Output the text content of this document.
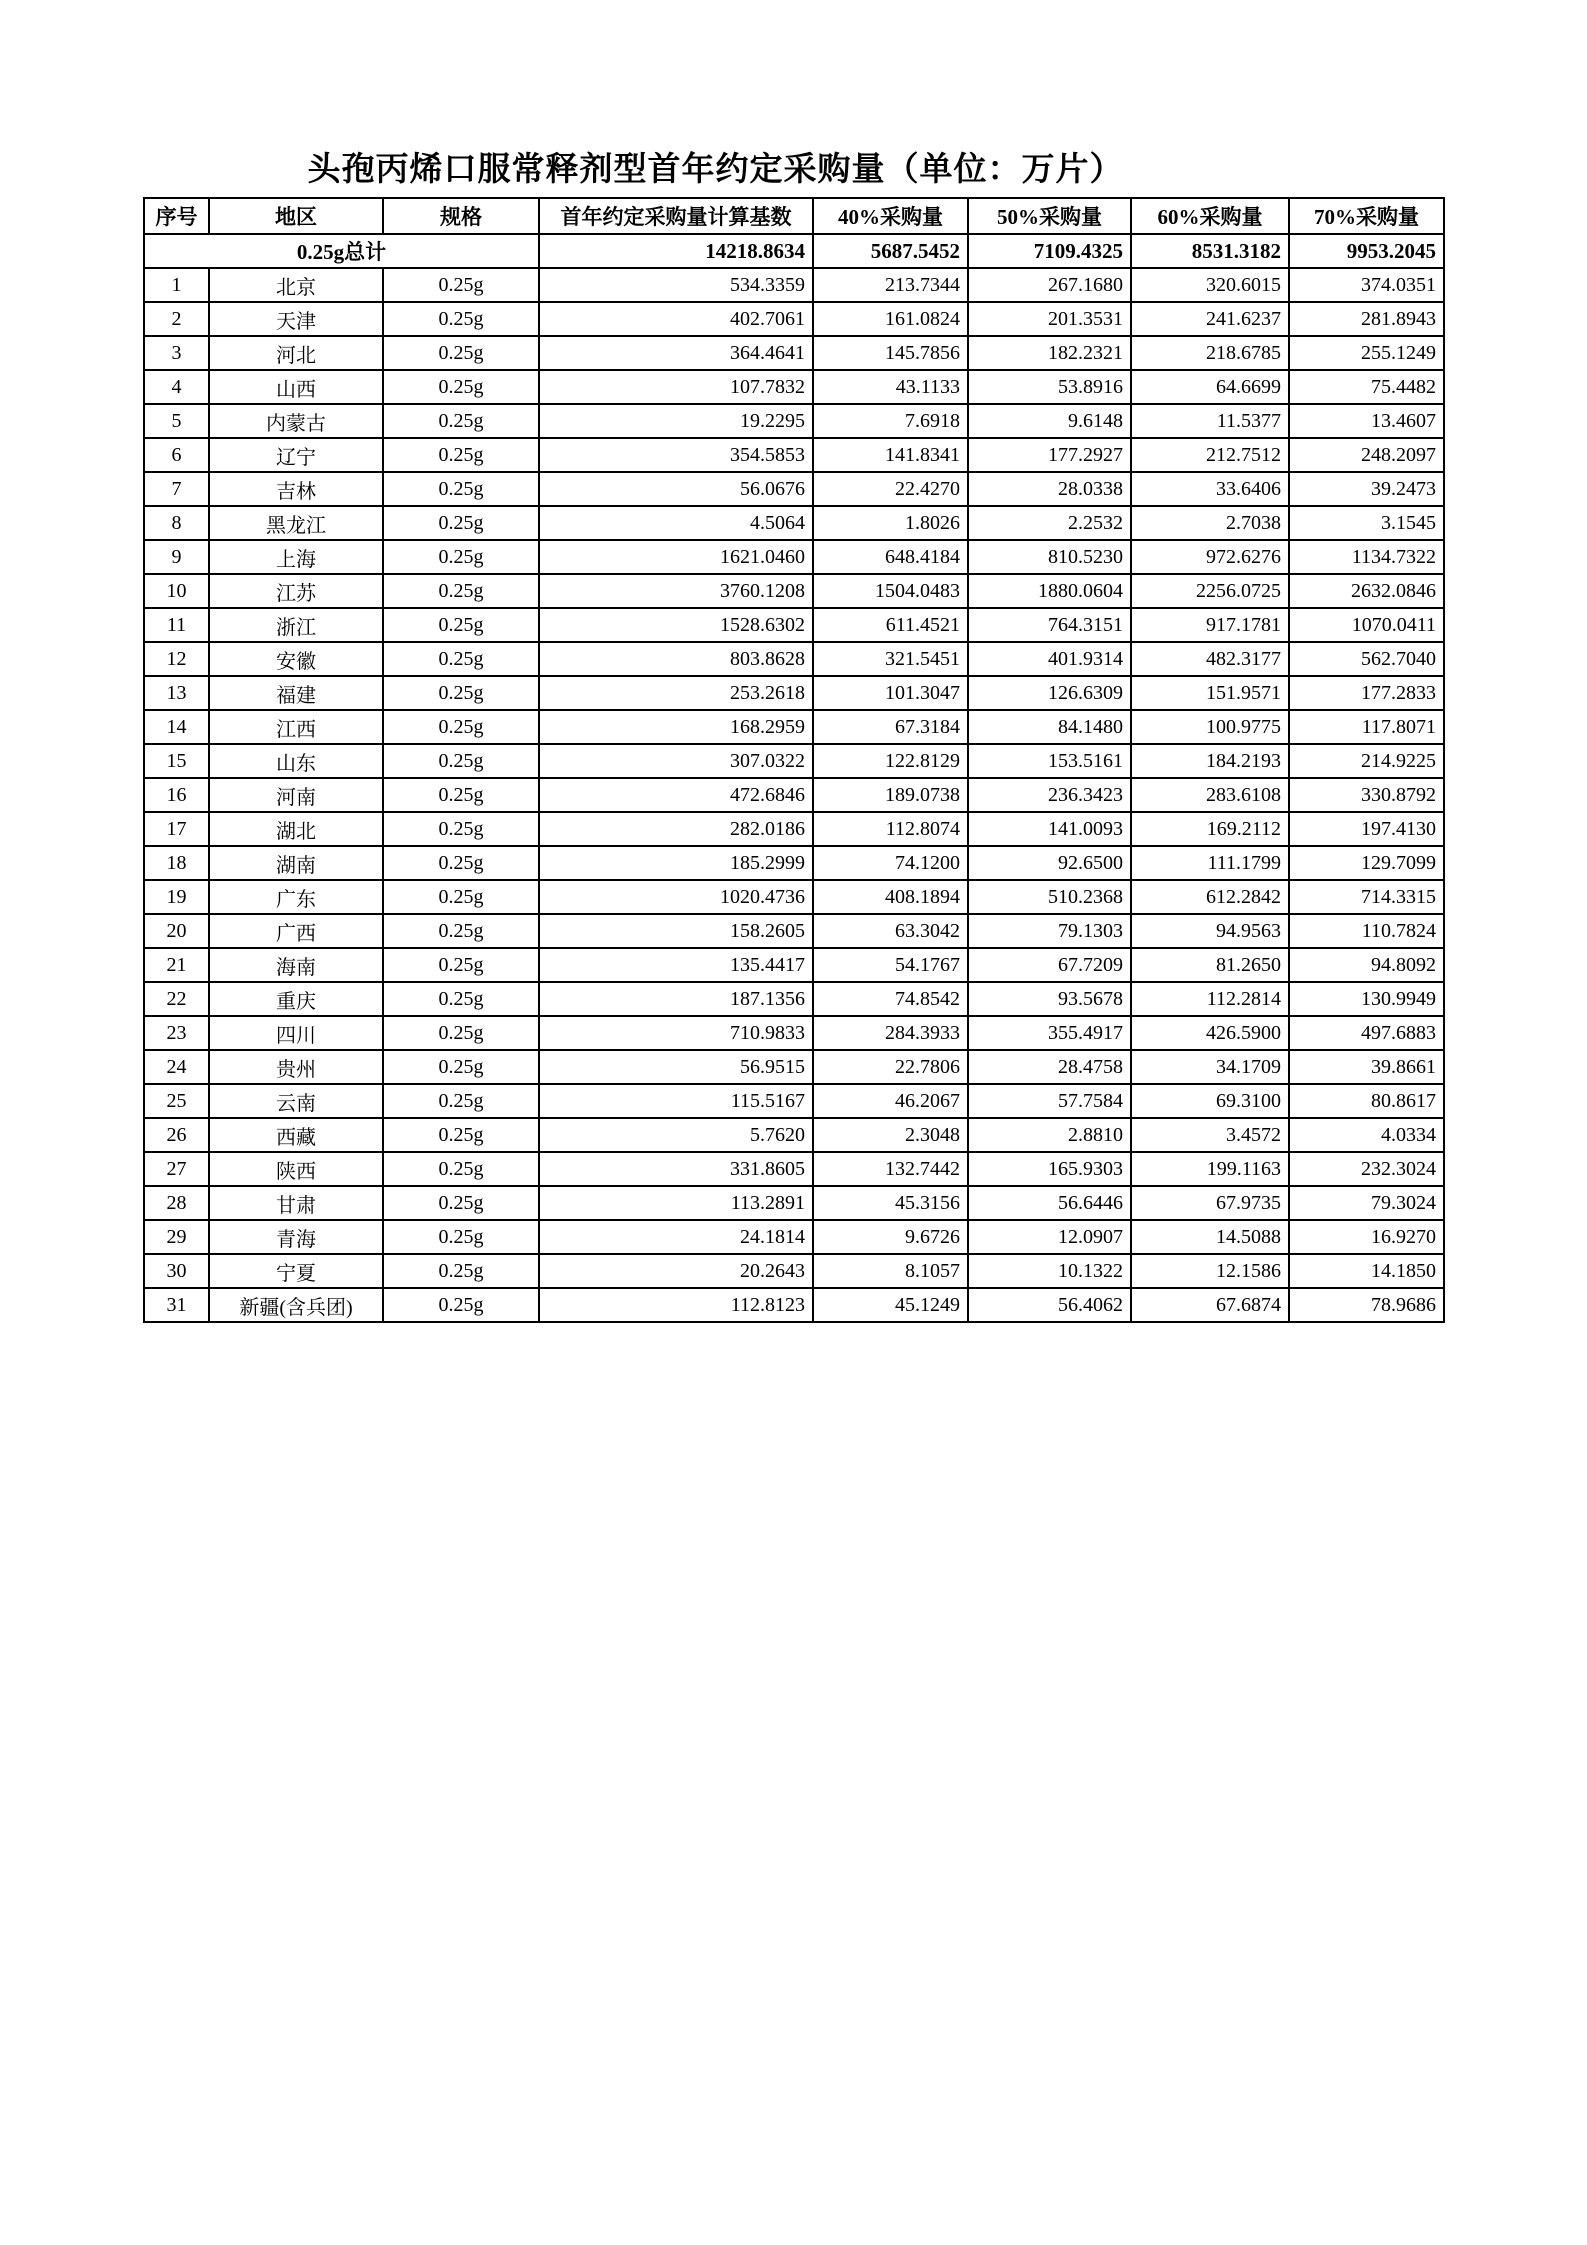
头孢丙烯口服常释剂型首年约定采购量（单位：万片）
序号	地区	规格	首年约定采购量计算基数	40%采购量	50%采购量	60%采购量	70%采购量
0.25g总计			14218.8634	5687.5452	7109.4325	8531.3182	9953.2045
1	北京	0.25g	534.3359	213.7344	267.1680	320.6015	374.0351
2	天津	0.25g	402.7061	161.0824	201.3531	241.6237	281.8943
3	河北	0.25g	364.4641	145.7856	182.2321	218.6785	255.1249
4	山西	0.25g	107.7832	43.1133	53.8916	64.6699	75.4482
5	内蒙古	0.25g	19.2295	7.6918	9.6148	11.5377	13.4607
6	辽宁	0.25g	354.5853	141.8341	177.2927	212.7512	248.2097
7	吉林	0.25g	56.0676	22.4270	28.0338	33.6406	39.2473
8	黑龙江	0.25g	4.5064	1.8026	2.2532	2.7038	3.1545
9	上海	0.25g	1621.0460	648.4184	810.5230	972.6276	1134.7322
10	江苏	0.25g	3760.1208	1504.0483	1880.0604	2256.0725	2632.0846
11	浙江	0.25g	1528.6302	611.4521	764.3151	917.1781	1070.0411
12	安徽	0.25g	803.8628	321.5451	401.9314	482.3177	562.7040
13	福建	0.25g	253.2618	101.3047	126.6309	151.9571	177.2833
14	江西	0.25g	168.2959	67.3184	84.1480	100.9775	117.8071
15	山东	0.25g	307.0322	122.8129	153.5161	184.2193	214.9225
16	河南	0.25g	472.6846	189.0738	236.3423	283.6108	330.8792
17	湖北	0.25g	282.0186	112.8074	141.0093	169.2112	197.4130
18	湖南	0.25g	185.2999	74.1200	92.6500	111.1799	129.7099
19	广东	0.25g	1020.4736	408.1894	510.2368	612.2842	714.3315
20	广西	0.25g	158.2605	63.3042	79.1303	94.9563	110.7824
21	海南	0.25g	135.4417	54.1767	67.7209	81.2650	94.8092
22	重庆	0.25g	187.1356	74.8542	93.5678	112.2814	130.9949
23	四川	0.25g	710.9833	284.3933	355.4917	426.5900	497.6883
24	贵州	0.25g	56.9515	22.7806	28.4758	34.1709	39.8661
25	云南	0.25g	115.5167	46.2067	57.7584	69.3100	80.8617
26	西藏	0.25g	5.7620	2.3048	2.8810	3.4572	4.0334
27	陕西	0.25g	331.8605	132.7442	165.9303	199.1163	232.3024
28	甘肃	0.25g	113.2891	45.3156	56.6446	67.9735	79.3024
29	青海	0.25g	24.1814	9.6726	12.0907	14.5088	16.9270
30	宁夏	0.25g	20.2643	8.1057	10.1322	12.1586	14.1850
31	新疆(含兵团)	0.25g	112.8123	45.1249	56.4062	67.6874	78.9686
